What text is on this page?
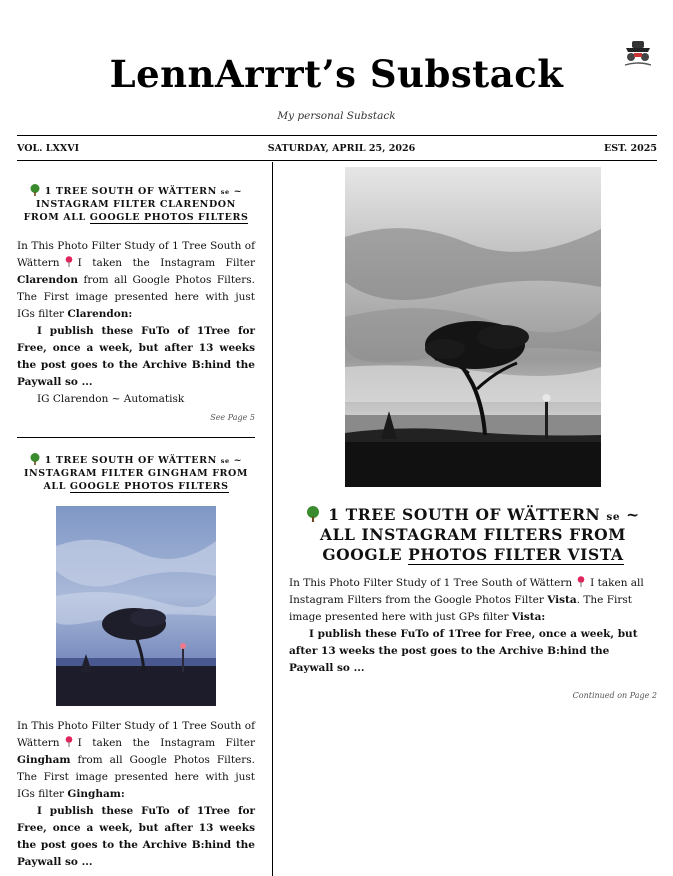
LennArrrt’s Substack
My personal Substack
VOL. LXXVI	SATURDAY, APRIL 25, 2026	EST. 2025
1 TREE SOUTH OF WÄTTERN se ~ INSTAGRAM FILTER CLARENDON FROM ALL GOOGLE PHOTOS FILTERS

In This Photo Filter Study of 1 Tree South of Wättern I taken the Instagram Filter Clarendon from all Google Photos Filters. The First image presented here with just IGs filter Clarendon:

I publish these FuTo of 1Tree for Free, once a week, but after 13 weeks the post goes to the Archive B:hind the Paywall so ...

IG Clarendon ~ Automatisk

See Page 5

1 TREE SOUTH OF WÄTTERN se ~ INSTAGRAM FILTER GINGHAM FROM ALL GOOGLE PHOTOS FILTERS

In This Photo Filter Study of 1 Tree South of Wättern I taken the Instagram Filter Gingham from all Google Photos Filters. The First image presented here with just IGs filter Gingham:

I publish these FuTo of 1Tree for Free, once a week, but after 13 weeks the post goes to the Archive B:hind the Paywall so ...

1 TREE SOUTH OF WÄTTERN se ~ ALL INSTAGRAM FILTERS FROM GOOGLE PHOTOS FILTER VISTA

In This Photo Filter Study of 1 Tree South of Wättern I taken all Instagram Filters from the Google Photos Filter Vista. The First image presented here with just GPs filter Vista:

I publish these FuTo of 1Tree for Free, once a week, but after 13 weeks the post goes to the Archive B:hind the Paywall so ...

Continued on Page 2
